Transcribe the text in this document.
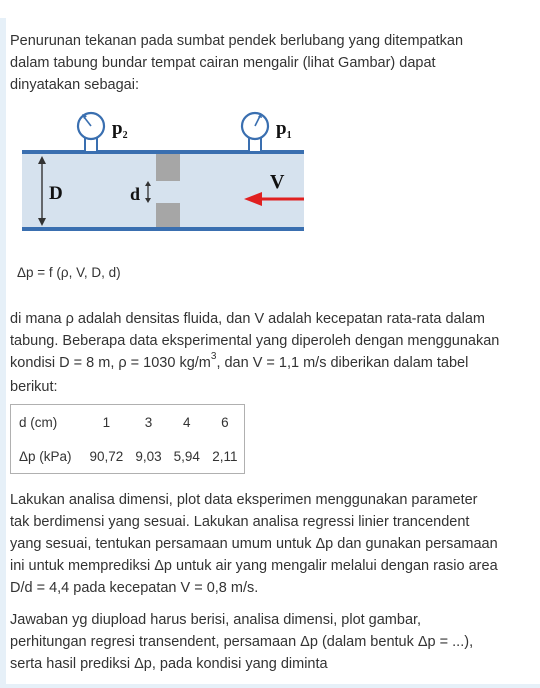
Penurunan tekanan pada sumbat pendek berlubang yang ditempatkan
dalam tabung bundar tempat cairan mengalir (lihat Gambar) dapat
dinyatakan sebagai:
$p_2$	$p_1$
D	d
V
Δp = f (ρ, V, D, d)
di mana ρ adalah densitas fluida, dan V adalah kecepatan rata-rata dalam
tabung. Beberapa data eksperimental yang diperoleh dengan menggunakan
kondisi D = 8 m, ρ = 1030 $kg/m^3$, dan V = 1,1 m/s diberikan dalam tabel
berikut:
d (cm)	1	3	4	6
Δp (kPa)	90,72	9,03	5,94	2,11
Lakukan analisa dimensi, plot data eksperimen menggunakan parameter
tak berdimensi yang sesuai. Lakukan analisa regressi linier trancendent
yang sesuai, tentukan persamaan umum untuk Δp dan gunakan persamaan
ini untuk memprediksi Δp untuk air yang mengalir melalui dengan rasio area
D/d = 4,4 pada kecepatan V = 0,8 m/s.
Jawaban yg diupload harus berisi, analisa dimensi, plot gambar,
perhitungan regresi transendent, persamaan Δp (dalam bentuk Δp = ...),
serta hasil prediksi Δp, pada kondisi yang diminta
